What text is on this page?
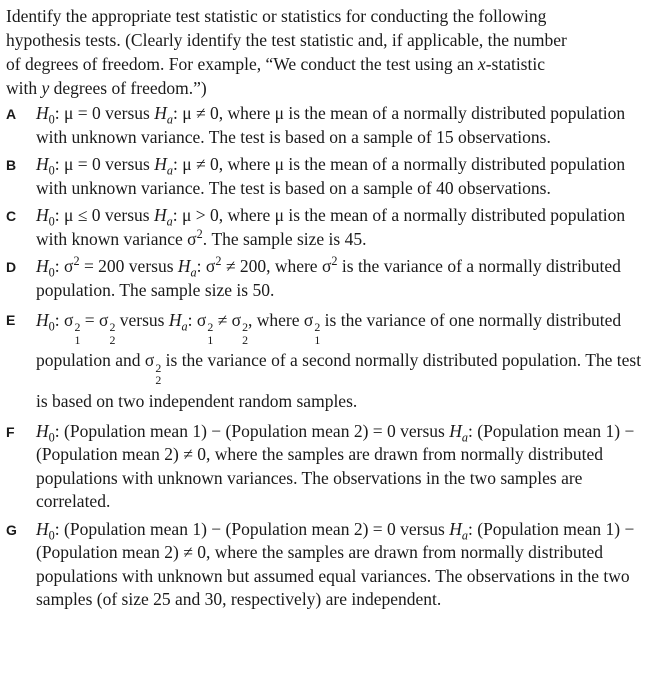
Identify the appropriate test statistic or statistics for conducting the following
hypothesis tests. (Clearly identify the test statistic and, if applicable, the number
of degrees of freedom. For example, “We conduct the test using an x-statistic
with y degrees of freedom.”)
A	$H_0$: μ = 0 versus $H_a$: μ ≠ 0, where μ is the mean of a normally distributed population with unknown variance. The test is based on a sample of 15 observations.
B	$H_0$: μ = 0 versus $H_a$: μ ≠ 0, where μ is the mean of a normally distributed population with unknown variance. The test is based on a sample of 40 observations.
C	$H_0$: μ ≤ 0 versus $H_a$: μ > 0, where μ is the mean of a normally distributed population with known variance $\sigma^2$. The sample size is 45.
D	$H_0$: $\sigma^2 = 200$ versus $H_a$: $\sigma^2 \ne 200$, where $\sigma^2$ is the variance of a normally distributed population. The sample size is 50.
E	$H_0$: σ 2
1
= σ 2
2
versus $H_a$: σ 2
1
≠ σ 2
2
, where σ 2
1
is the variance of one normally distributed population and σ 2
2
is the variance of a second normally distributed population. The test is based on two independent random samples.
F	$H_0$: (Population mean 1) − (Population mean 2) = 0 versus $H_a$: (Population mean 1) − (Population mean 2) ≠ 0, where the samples are drawn from normally distributed populations with unknown variances. The observations in the two samples are correlated.
G	$H_0$: (Population mean 1) − (Population mean 2) = 0 versus $H_a$: (Population mean 1) − (Population mean 2) ≠ 0, where the samples are drawn from normally distributed populations with unknown but assumed equal variances. The observations in the two samples (of size 25 and 30, respectively) are independent.
